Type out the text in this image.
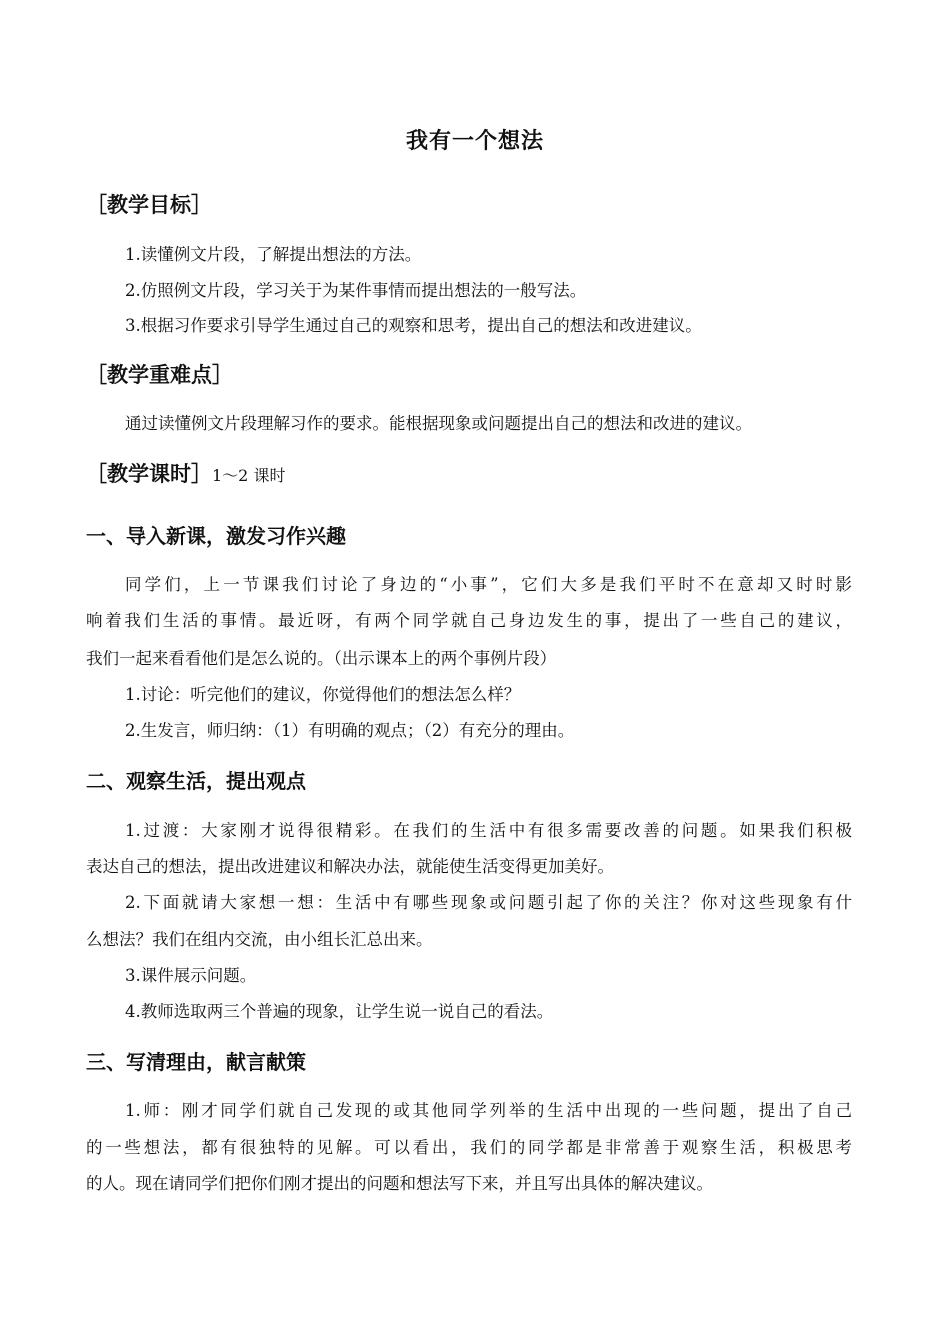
我有一个想法
［教学目标］
1.读懂例文片段，了解提出想法的方法。
2.仿照例文片段，学习关于为某件事情而提出想法的一般写法。
3.根据习作要求引导学生通过自己的观察和思考，提出自己的想法和改进建议。
［教学重难点］
通过读懂例文片段理解习作的要求。能根据现象或问题提出自己的想法和改进的建议。
［教学课时］1～2 课时
一、导入新课，激发习作兴趣
同学们，上一节课我们讨论了身边的“小事”，它们大多是我们平时不在意却又时时影
响着我们生活的事情。最近呀，有两个同学就自己身边发生的事，提出了一些自己的建议，
我们一起来看看他们是怎么说的。（出示课本上的两个事例片段）
1.讨论：听完他们的建议，你觉得他们的想法怎么样？
2.生发言，师归纳：（1）有明确的观点；（2）有充分的理由。
二、观察生活，提出观点
1.过渡：大家刚才说得很精彩。在我们的生活中有很多需要改善的问题。如果我们积极
表达自己的想法，提出改进建议和解决办法，就能使生活变得更加美好。
2.下面就请大家想一想：生活中有哪些现象或问题引起了你的关注？你对这些现象有什
么想法？我们在组内交流，由小组长汇总出来。
3.课件展示问题。
4.教师选取两三个普遍的现象，让学生说一说自己的看法。
三、写清理由，献言献策
1.师：刚才同学们就自己发现的或其他同学列举的生活中出现的一些问题，提出了自己
的一些想法，都有很独特的见解。可以看出，我们的同学都是非常善于观察生活，积极思考
的人。现在请同学们把你们刚才提出的问题和想法写下来，并且写出具体的解决建议。
